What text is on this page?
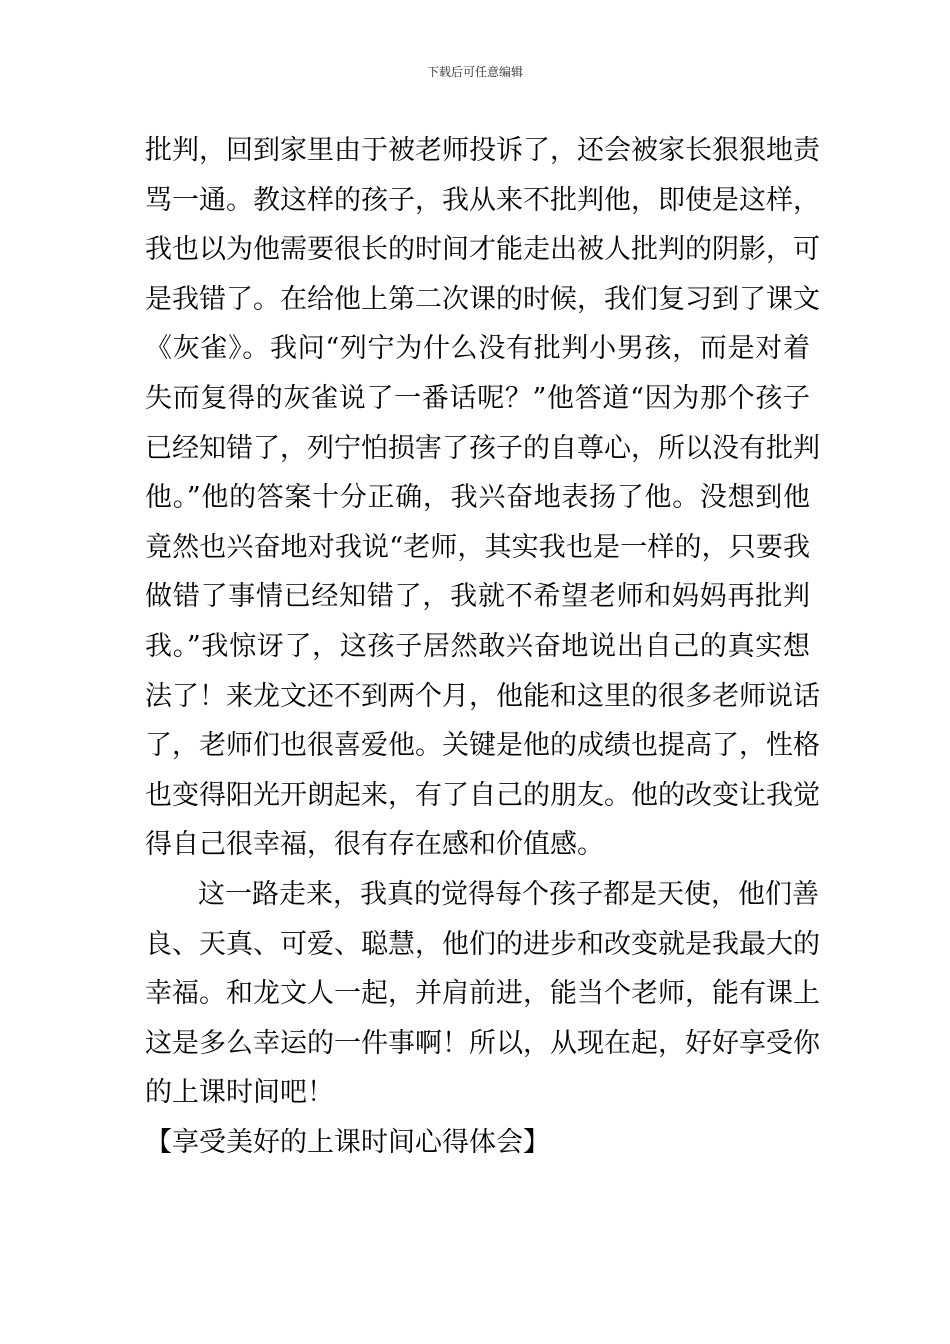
下载后可任意编辑
批判，回到家里由于被老师投诉了，还会被家长狠狠地责
骂一通。教这样的孩子，我从来不批判他，即使是这样，
我也以为他需要很长的时间才能走出被人批判的阴影，可
是我错了。在给他上第二次课的时候，我们复习到了课文
《灰雀》。我问“列宁为什么没有批判小男孩，而是对着
失而复得的灰雀说了一番话呢？”他答道“因为那个孩子
已经知错了，列宁怕损害了孩子的自尊心，所以没有批判
他。”他的答案十分正确，我兴奋地表扬了他。没想到他
竟然也兴奋地对我说“老师，其实我也是一样的，只要我
做错了事情已经知错了，我就不希望老师和妈妈再批判
我。”我惊讶了，这孩子居然敢兴奋地说出自己的真实想
法了！来龙文还不到两个月，他能和这里的很多老师说话
了，老师们也很喜爱他。关键是他的成绩也提高了，性格
也变得阳光开朗起来，有了自己的朋友。他的改变让我觉
得自己很幸福，很有存在感和价值感。
这一路走来，我真的觉得每个孩子都是天使，他们善
良、天真、可爱、聪慧，他们的进步和改变就是我最大的
幸福。和龙文人一起，并肩前进，能当个老师，能有课上
这是多么幸运的一件事啊！所以，从现在起，好好享受你
的上课时间吧！
【享受美好的上课时间心得体会】
